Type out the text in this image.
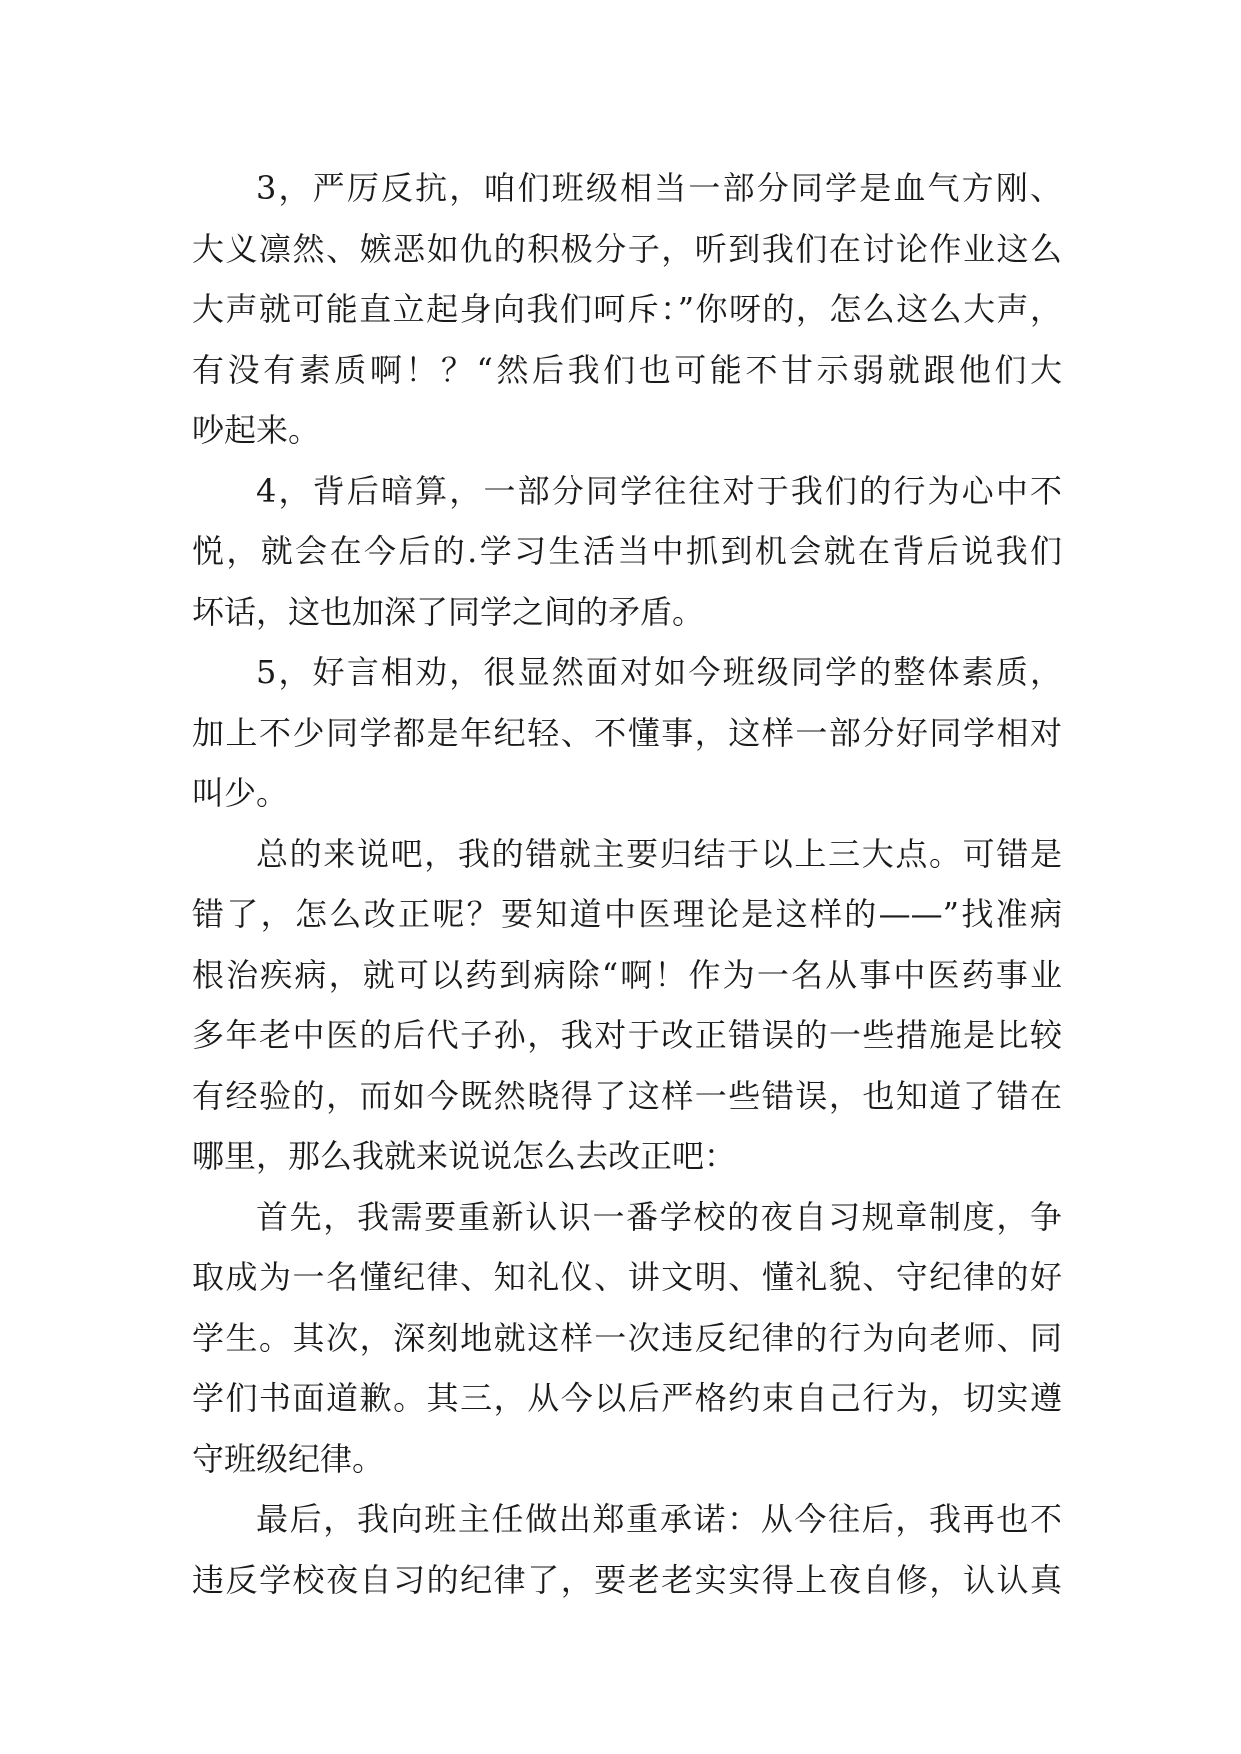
3，严厉反抗，咱们班级相当一部分同学是血气方刚、
大义凛然、嫉恶如仇的积极分子，听到我们在讨论作业这么
大声就可能直立起身向我们呵斥：”你呀的，怎么这么大声，
有没有素质啊！？“然后我们也可能不甘示弱就跟他们大
吵起来。
4，背后暗算，一部分同学往往对于我们的行为心中不
悦，就会在今后的.学习生活当中抓到机会就在背后说我们
坏话，这也加深了同学之间的矛盾。
5，好言相劝，很显然面对如今班级同学的整体素质，
加上不少同学都是年纪轻、不懂事，这样一部分好同学相对
叫少。
总的来说吧，我的错就主要归结于以上三大点。可错是
错了，怎么改正呢？要知道中医理论是这样的——”找准病
根治疾病，就可以药到病除“啊！作为一名从事中医药事业
多年老中医的后代子孙，我对于改正错误的一些措施是比较
有经验的，而如今既然晓得了这样一些错误，也知道了错在
哪里，那么我就来说说怎么去改正吧：
首先，我需要重新认识一番学校的夜自习规章制度，争
取成为一名懂纪律、知礼仪、讲文明、懂礼貌、守纪律的好
学生。其次，深刻地就这样一次违反纪律的行为向老师、同
学们书面道歉。其三，从今以后严格约束自己行为，切实遵
守班级纪律。
最后，我向班主任做出郑重承诺：从今往后，我再也不
违反学校夜自习的纪律了，要老老实实得上夜自修，认认真
